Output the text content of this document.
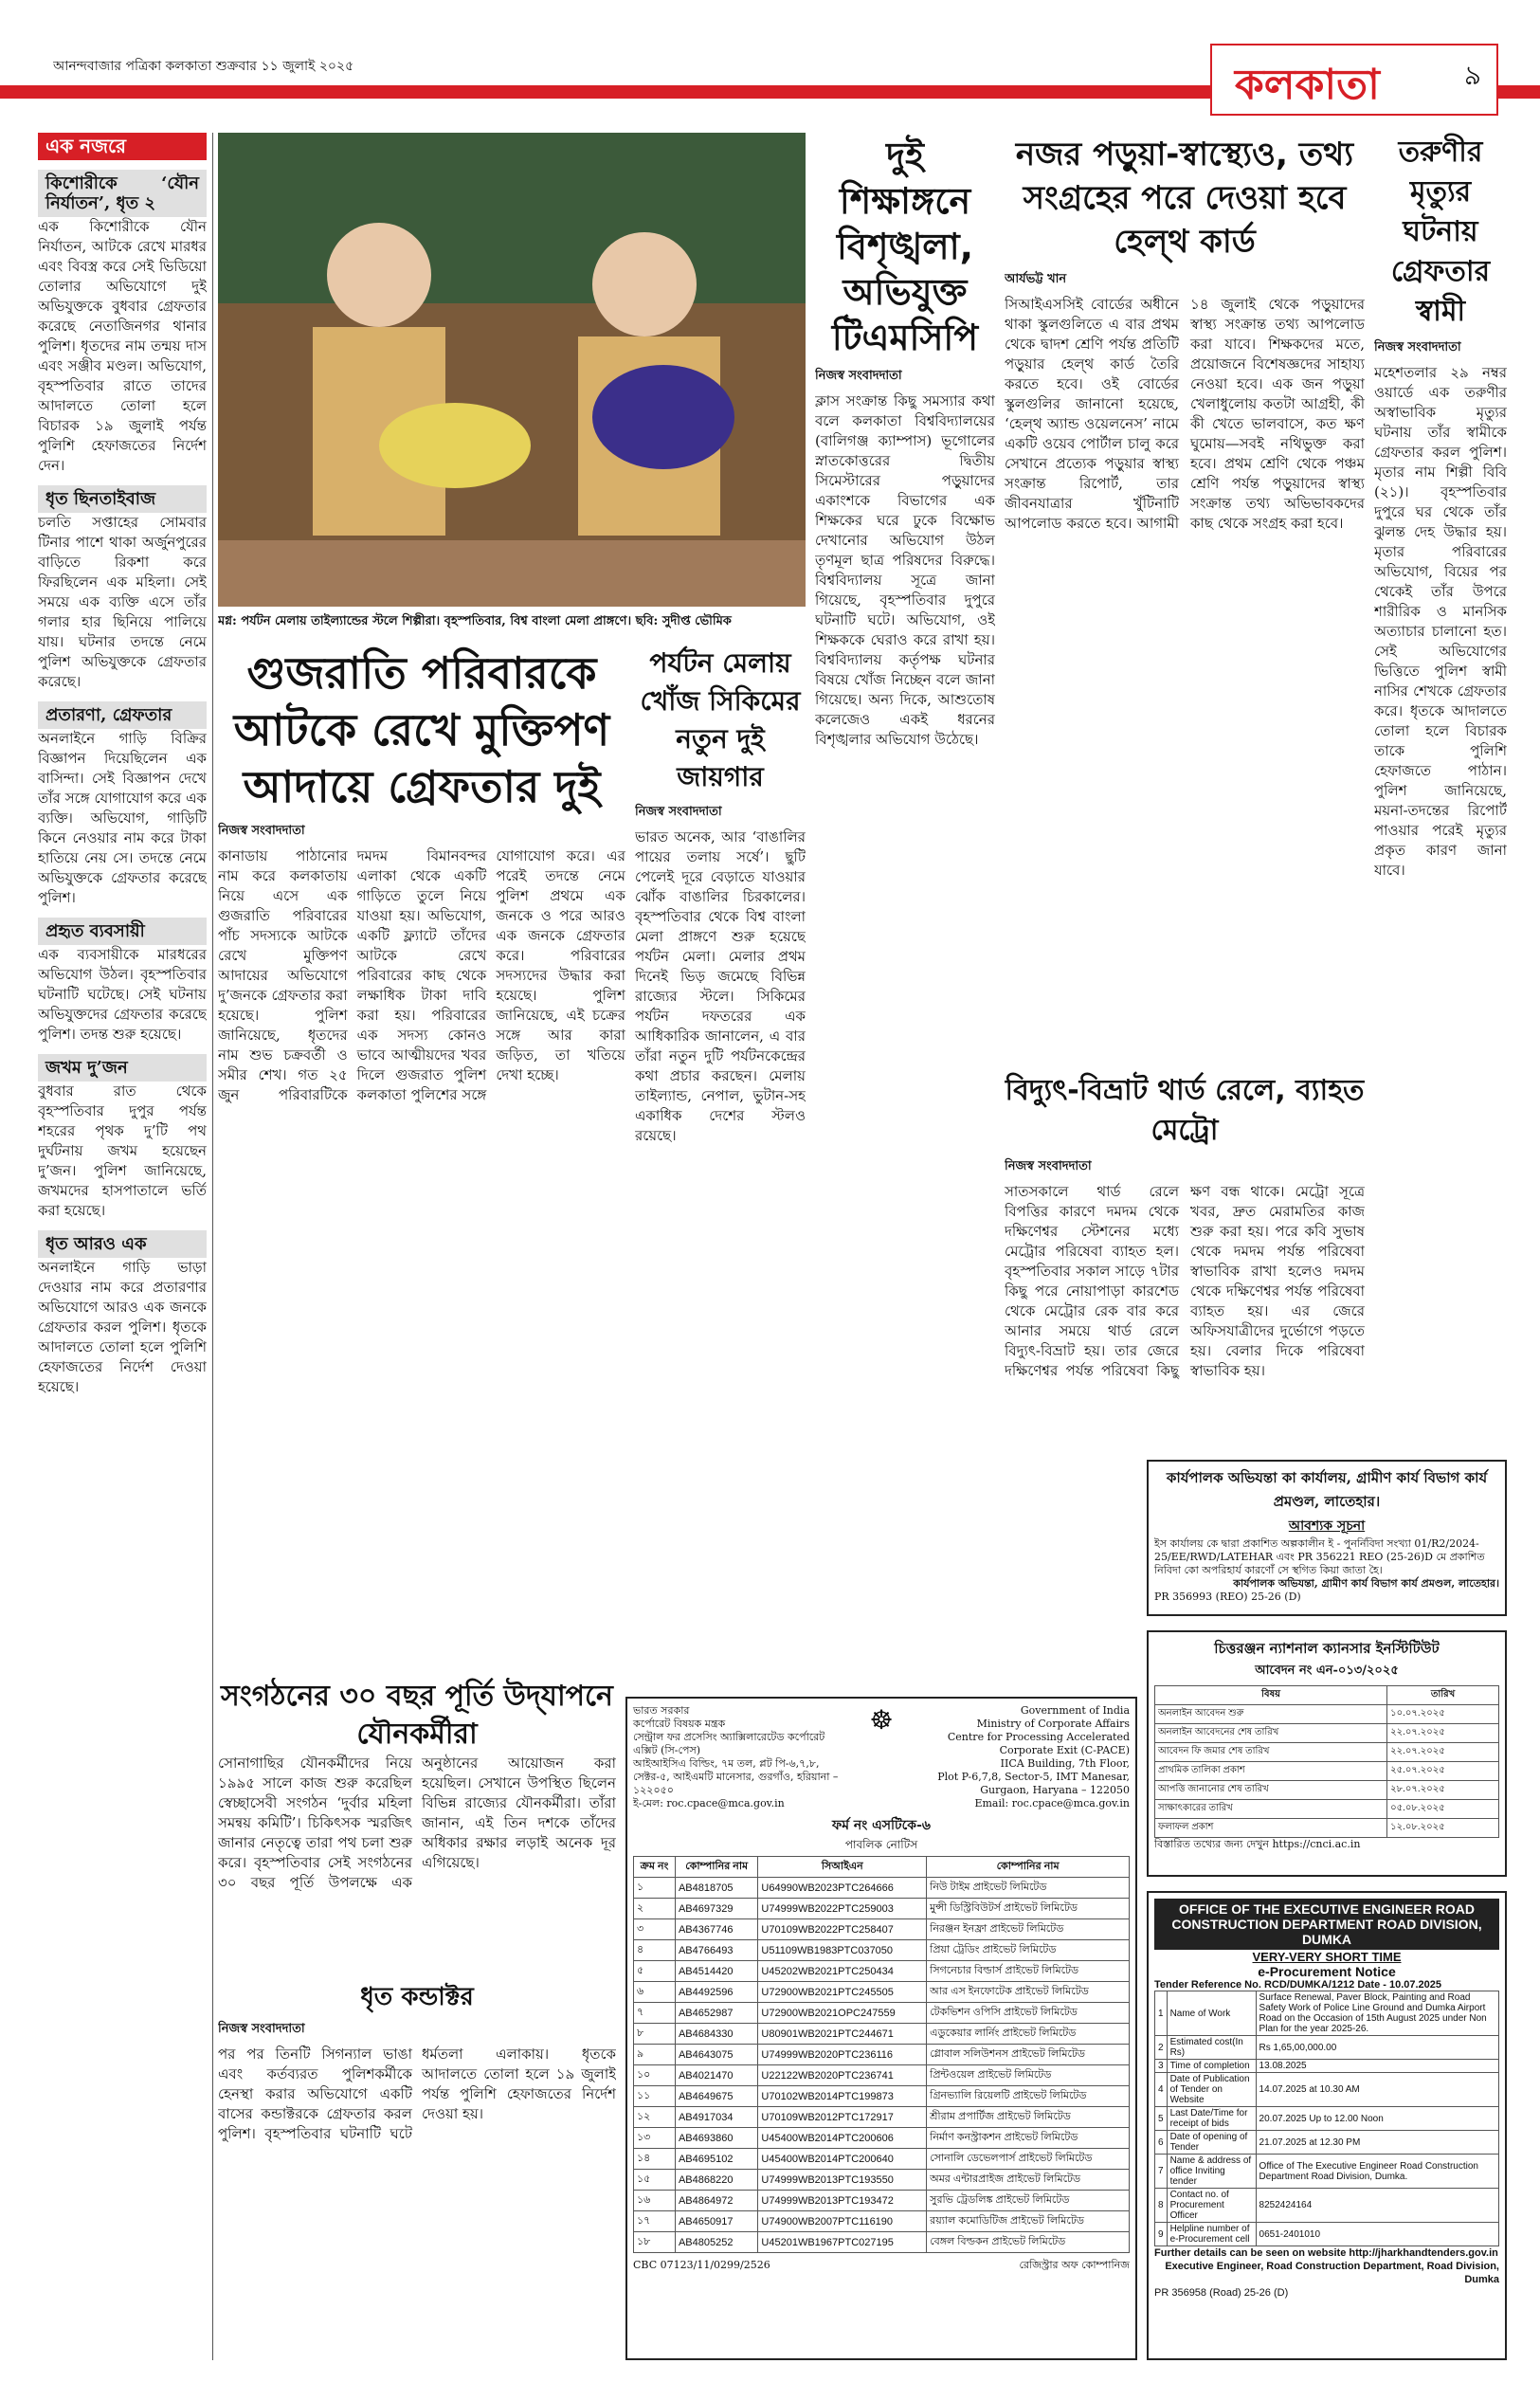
আনন্দবাজার পত্রিকা কলকাতা শুক্রবার ১১ জুলাই ২০২৫	কলকাতা	৯
এক নজরে
কিশোরীকে ‘যৌন নির্যাতন’, ধৃত ২

এক কিশোরীকে যৌন নির্যাতন, আটকে রেখে মারধর এবং বিবস্ত্র করে সেই ভিডিয়ো তোলার অভিযোগে দুই অভিযুক্তকে বুধবার গ্রেফতার করেছে নেতাজিনগর থানার পুলিশ। ধৃতদের নাম তন্ময় দাস এবং সঞ্জীব মণ্ডল। অভিযোগ, বৃহস্পতিবার রাতে তাদের আদালতে তোলা হলে বিচারক ১৯ জুলাই পর্যন্ত পুলিশি হেফাজতের নির্দেশ দেন।

ধৃত ছিনতাইবাজ

চলতি সপ্তাহের সোমবার টিনার পাশে থাকা অর্জুনপুরের বাড়িতে রিকশা করে ফিরছিলেন এক মহিলা। সেই সময়ে এক ব্যক্তি এসে তাঁর গলার হার ছিনিয়ে পালিয়ে যায়। ঘটনার তদন্তে নেমে পুলিশ অভিযুক্তকে গ্রেফতার করেছে।

প্রতারণা, গ্রেফতার

অনলাইনে গাড়ি বিক্রির বিজ্ঞাপন দিয়েছিলেন এক বাসিন্দা। সেই বিজ্ঞাপন দেখে তাঁর সঙ্গে যোগাযোগ করে এক ব্যক্তি। অভিযোগ, গাড়িটি কিনে নেওয়ার নাম করে টাকা হাতিয়ে নেয় সে। তদন্তে নেমে অভিযুক্তকে গ্রেফতার করেছে পুলিশ।

প্রহৃত ব্যবসায়ী

এক ব্যবসায়ীকে মারধরের অভিযোগ উঠল। বৃহস্পতিবার ঘটনাটি ঘটেছে। সেই ঘটনায় অভিযুক্তদের গ্রেফতার করেছে পুলিশ। তদন্ত শুরু হয়েছে।

জখম দু’জন

বুধবার রাত থেকে বৃহস্পতিবার দুপুর পর্যন্ত শহরের পৃথক দু’টি পথ দুর্ঘটনায় জখম হয়েছেন দু’জন। পুলিশ জানিয়েছে, জখমদের হাসপাতালে ভর্তি করা হয়েছে।

ধৃত আরও এক

অনলাইনে গাড়ি ভাড়া দেওয়ার নাম করে প্রতারণার অভিযোগে আরও এক জনকে গ্রেফতার করল পুলিশ। ধৃতকে আদালতে তোলা হলে পুলিশি হেফাজতের নির্দেশ দেওয়া হয়েছে।

মগ্ন: পর্যটন মেলায় তাইল্যান্ডের স্টলে শিল্পীরা। বৃহস্পতিবার, বিশ্ব বাংলা মেলা প্রাঙ্গণে। ছবি: সুদীপ্ত ভৌমিক
দুই শিক্ষাঙ্গনে বিশৃঙ্খলা, অভিযুক্ত টিএমসিপি
নিজস্ব সংবাদদাতা

ক্লাস সংক্রান্ত কিছু সমস্যার কথা বলে কলকাতা বিশ্ববিদ্যালয়ের (বালিগঞ্জ ক্যাম্পাস) ভূগোলের স্নাতকোত্তরের দ্বিতীয় সিমেস্টারের পড়ুয়াদের একাংশকে বিভাগের এক শিক্ষকের ঘরে ঢুকে বিক্ষোভ দেখানোর অভিযোগ উঠল তৃণমূল ছাত্র পরিষদের বিরুদ্ধে। বিশ্ববিদ্যালয় সূত্রে জানা গিয়েছে, বৃহস্পতিবার দুপুরে ঘটনাটি ঘটে। অভিযোগ, ওই শিক্ষককে ঘেরাও করে রাখা হয়। বিশ্ববিদ্যালয় কর্তৃপক্ষ ঘটনার বিষয়ে খোঁজ নিচ্ছেন বলে জানা গিয়েছে। অন্য দিকে, আশুতোষ কলেজেও একই ধরনের বিশৃঙ্খলার অভিযোগ উঠেছে।

নজর পড়ুয়া-স্বাস্থ্যেও, তথ্য সংগ্রহের পরে দেওয়া হবে হেল্থ কার্ড
আর্যভট্ট খান

সিআইএসসিই বোর্ডের অধীনে থাকা স্কুলগুলিতে এ বার প্রথম থেকে দ্বাদশ শ্রেণি পর্যন্ত প্রতিটি পড়ুয়ার হেল্থ কার্ড তৈরি করতে হবে। ওই বোর্ডের স্কুলগুলির জানানো হয়েছে, ‘হেল্থ অ্যান্ড ওয়েলনেস’ নামে একটি ওয়েব পোর্টাল চালু করে সেখানে প্রত্যেক পড়ুয়ার স্বাস্থ্য সংক্রান্ত রিপোর্ট, তার জীবনযাত্রার খুঁটিনাটি আপলোড করতে হবে। আগামী ১৪ জুলাই থেকে পড়ুয়াদের স্বাস্থ্য সংক্রান্ত তথ্য আপলোড করা যাবে। শিক্ষকদের মতে, প্রয়োজনে বিশেষজ্ঞদের সাহায্য নেওয়া হবে। এক জন পড়ুয়া খেলাধুলোয় কতটা আগ্রহী, কী কী খেতে ভালবাসে, কত ক্ষণ ঘুমোয়—সবই নথিভুক্ত করা হবে। প্রথম শ্রেণি থেকে পঞ্চম শ্রেণি পর্যন্ত পড়ুয়াদের স্বাস্থ্য সংক্রান্ত তথ্য অভিভাবকদের কাছ থেকে সংগ্রহ করা হবে।

তরুণীর মৃত্যুর ঘটনায় গ্রেফতার স্বামী
নিজস্ব সংবাদদাতা

মহেশতলার ২৯ নম্বর ওয়ার্ডে এক তরুণীর অস্বাভাবিক মৃত্যুর ঘটনায় তাঁর স্বামীকে গ্রেফতার করল পুলিশ। মৃতার নাম শিল্পী বিবি (২১)। বৃহস্পতিবার দুপুরে ঘর থেকে তাঁর ঝুলন্ত দেহ উদ্ধার হয়। মৃতার পরিবারের অভিযোগ, বিয়ের পর থেকেই তাঁর উপরে শারীরিক ও মানসিক অত্যাচার চালানো হত। সেই অভিযোগের ভিত্তিতে পুলিশ স্বামী নাসির শেখকে গ্রেফতার করে। ধৃতকে আদালতে তোলা হলে বিচারক তাকে পুলিশি হেফাজতে পাঠান। পুলিশ জানিয়েছে, ময়না-তদন্তের রিপোর্ট পাওয়ার পরেই মৃত্যুর প্রকৃত কারণ জানা যাবে।

গুজরাতি পরিবারকে আটকে রেখে মুক্তিপণ আদায়ে গ্রেফতার দুই
নিজস্ব সংবাদদাতা

কানাডায় পাঠানোর নাম করে কলকাতায় নিয়ে এসে এক গুজরাতি পরিবারের পাঁচ সদস্যকে আটকে রেখে মুক্তিপণ আদায়ের অভিযোগে দু’জনকে গ্রেফতার করা হয়েছে। পুলিশ জানিয়েছে, ধৃতদের নাম শুভ চক্রবর্তী ও সমীর শেখ। গত ২৫ জুন পরিবারটিকে দমদম বিমানবন্দর এলাকা থেকে একটি গাড়িতে তুলে নিয়ে যাওয়া হয়। অভিযোগ, একটি ফ্ল্যাটে তাঁদের আটকে রেখে পরিবারের কাছ থেকে লক্ষাধিক টাকা দাবি করা হয়। পরিবারের এক সদস্য কোনও ভাবে আত্মীয়দের খবর দিলে গুজরাত পুলিশ কলকাতা পুলিশের সঙ্গে যোগাযোগ করে। এর পরেই তদন্তে নেমে পুলিশ প্রথমে এক জনকে ও পরে আরও এক জনকে গ্রেফতার করে। পরিবারের সদস্যদের উদ্ধার করা হয়েছে। পুলিশ জানিয়েছে, এই চক্রের সঙ্গে আর কারা জড়িত, তা খতিয়ে দেখা হচ্ছে।

পর্যটন মেলায় খোঁজ সিকিমের নতুন দুই জায়গার
নিজস্ব সংবাদদাতা

ভারত অনেক, আর ‘বাঙালির পায়ের তলায় সর্ষে’। ছুটি পেলেই দূরে বেড়াতে যাওয়ার ঝোঁক বাঙালির চিরকালের। বৃহস্পতিবার থেকে বিশ্ব বাংলা মেলা প্রাঙ্গণে শুরু হয়েছে পর্যটন মেলা। মেলার প্রথম দিনেই ভিড় জমেছে বিভিন্ন রাজ্যের স্টলে। সিকিমের পর্যটন দফতরের এক আধিকারিক জানালেন, এ বার তাঁরা নতুন দুটি পর্যটনকেন্দ্রের কথা প্রচার করছেন। মেলায় তাইল্যান্ড, নেপাল, ভুটান-সহ একাধিক দেশের স্টলও রয়েছে।

বিদ্যুৎ-বিভ্রাট থার্ড রেলে, ব্যাহত মেট্রো
নিজস্ব সংবাদদাতা

সাতসকালে থার্ড রেলে বিপত্তির কারণে দমদম থেকে দক্ষিণেশ্বর স্টেশনের মধ্যে মেট্রোর পরিষেবা ব্যাহত হল। বৃহস্পতিবার সকাল সাড়ে ৭টার কিছু পরে নোয়াপাড়া কারশেড থেকে মেট্রোর রেক বার করে আনার সময়ে থার্ড রেলে বিদ্যুৎ-বিভ্রাট হয়। তার জেরে দক্ষিণেশ্বর পর্যন্ত পরিষেবা কিছু ক্ষণ বন্ধ থাকে। মেট্রো সূত্রে খবর, দ্রুত মেরামতির কাজ শুরু করা হয়। পরে কবি সুভাষ থেকে দমদম পর্যন্ত পরিষেবা স্বাভাবিক রাখা হলেও দমদম থেকে দক্ষিণেশ্বর পর্যন্ত পরিষেবা ব্যাহত হয়। এর জেরে অফিসযাত্রীদের দুর্ভোগে পড়তে হয়। বেলার দিকে পরিষেবা স্বাভাবিক হয়।

কার্যপালক অভিযন্তা কা কার্যালয়, গ্রামীণ কার্য বিভাগ কার্য প্রমণ্ডল, লাতেহার।
আবশ্যক সূচনা
ইস কার্যালয় কে দ্বারা প্রকাশিত অল্পকালীন ই - পুনর্নিবিদা সংখ্যা 01/R2/2024-25/EE/RWD/LATEHAR এবং PR 356221 REO (25-26)D মে প্রকাশিত নিবিদা কো অপরিহার্য কারণোঁ সে স্থগিত কিয়া জাতা হৈ।
কার্যপালক অভিযন্তা, গ্রামীণ কার্য বিভাগ কার্য প্রমণ্ডল, লাতেহার।
PR 356993 (REO) 25-26 (D)
সংগঠনের ৩০ বছর পূর্তি উদ্‌যাপনে যৌনকর্মীরা

সোনাগাছির যৌনকর্মীদের নিয়ে ১৯৯৫ সালে কাজ শুরু করেছিল স্বেচ্ছাসেবী সংগঠন ‘দুর্বার মহিলা সমন্বয় কমিটি’। চিকিৎসক স্মরজিৎ জানার নেতৃত্বে তারা পথ চলা শুরু করে। বৃহস্পতিবার সেই সংগঠনের ৩০ বছর পূর্তি উপলক্ষে এক অনুষ্ঠানের আয়োজন করা হয়েছিল। সেখানে উপস্থিত ছিলেন বিভিন্ন রাজ্যের যৌনকর্মীরা। তাঁরা জানান, এই তিন দশকে তাঁদের অধিকার রক্ষার লড়াই অনেক দূর এগিয়েছে।

ধৃত কন্ডাক্টর
নিজস্ব সংবাদদাতা

পর পর তিনটি সিগন্যাল ভাঙা এবং কর্তব্যরত পুলিশকর্মীকে হেনস্থা করার অভিযোগে একটি বাসের কন্ডাক্টরকে গ্রেফতার করল পুলিশ। বৃহস্পতিবার ঘটনাটি ঘটে ধর্মতলা এলাকায়। ধৃতকে আদালতে তোলা হলে ১৯ জুলাই পর্যন্ত পুলিশি হেফাজতের নির্দেশ দেওয়া হয়।

ভারত সরকার
কর্পোরেট বিষয়ক মন্ত্রক
সেন্ট্রাল ফর প্রসেসিং অ্যাক্সিলারেটেড কর্পোরেট এক্সিট (সি-পেস)
আইআইসিএ বিল্ডিং, ৭ম তল, প্লট পি-৬,৭,৮, সেক্টর-৫, আইএমটি মানেসার, গুরগাঁও, হরিয়ানা – ১২২০৫০
ই-মেল: roc.cpace@mca.gov.in
☸	Government of India
Ministry of Corporate Affairs
Centre for Processing Accelerated
Corporate Exit (C-PACE)
IICA Building, 7th Floor,
Plot P-6,7,8, Sector-5, IMT Manesar,
Gurgaon, Haryana – 122050
Email: roc.cpace@mca.gov.in
ফর্ম নং এসটিকে-৬
পাবলিক নোটিস
ক্রম নং	কোম্পানির নাম	সিআইএন	কোম্পানির নাম
১	AB4818705	U64990WB2023PTC264666	নিউ টাইম প্রাইভেট লিমিটেড
২	AB4697329	U74999WB2022PTC259003	মুন্সী ডিস্ট্রিবিউটর্স প্রাইভেট লিমিটেড
৩	AB4367746	U70109WB2022PTC258407	নিরঞ্জন ইনফ্রা প্রাইভেট লিমিটেড
৪	AB4766493	U51109WB1983PTC037050	প্রিয়া ট্রেডিং প্রাইভেট লিমিটেড
৫	AB4514420	U45202WB2021PTC250434	সিগনেচার বিল্ডার্স প্রাইভেট লিমিটেড
৬	AB4492596	U72900WB2021PTC245505	আর এস ইনফোটেক প্রাইভেট লিমিটেড
৭	AB4652987	U72900WB2021OPC247559	টেকভিশন ওপিসি প্রাইভেট লিমিটেড
৮	AB4684330	U80901WB2021PTC244671	এডুকেয়ার লার্নিং প্রাইভেট লিমিটেড
৯	AB4643075	U74999WB2020PTC236116	গ্লোবাল সলিউশনস প্রাইভেট লিমিটেড
১০	AB4021470	U22122WB2020PTC236741	প্রিন্টওয়েল প্রাইভেট লিমিটেড
১১	AB4649675	U70102WB2014PTC199873	গ্রিনভ্যালি রিয়েলটি প্রাইভেট লিমিটেড
১২	AB4917034	U70109WB2012PTC172917	শ্রীরাম প্রপার্টিজ প্রাইভেট লিমিটেড
১৩	AB4693860	U45400WB2014PTC200606	নির্মাণ কনস্ট্রাকশন প্রাইভেট লিমিটেড
১৪	AB4695102	U45400WB2014PTC200640	সোনালি ডেভেলপার্স প্রাইভেট লিমিটেড
১৫	AB4868220	U74999WB2013PTC193550	অমর এন্টারপ্রাইজ প্রাইভেট লিমিটেড
১৬	AB4864972	U74999WB2013PTC193472	সুরভি ট্রেডলিঙ্ক প্রাইভেট লিমিটেড
১৭	AB4650917	U74900WB2007PTC116190	রয়্যাল কমোডিটিজ প্রাইভেট লিমিটেড
১৮	AB4805252	U45201WB1967PTC027195	বেঙ্গল বিল্ডকন প্রাইভেট লিমিটেড
CBC 07123/11/0299/2526	রেজিস্ট্রার অফ কোম্পানিজ
চিত্তরঞ্জন ন্যাশনাল ক্যানসার ইনস্টিটিউট
আবেদন নং এন-০১৩/২০২৫
বিষয়	তারিখ
অনলাইন আবেদন শুরু	১০.০৭.২০২৫
অনলাইন আবেদনের শেষ তারিখ	২২.০৭.২০২৫
আবেদন ফি জমার শেষ তারিখ	২২.০৭.২০২৫
প্রাথমিক তালিকা প্রকাশ	২৫.০৭.২০২৫
আপত্তি জানানোর শেষ তারিখ	২৮.০৭.২০২৫
সাক্ষাৎকারের তারিখ	০৫.০৮.২০২৫
ফলাফল প্রকাশ	১২.০৮.২০২৫
বিস্তারিত তথ্যের জন্য দেখুন https://cnci.ac.in
OFFICE OF THE EXECUTIVE ENGINEER ROAD CONSTRUCTION DEPARTMENT ROAD DIVISION, DUMKA
VERY-VERY SHORT TIME
e-Procurement Notice
Tender Reference No. RCD/DUMKA/1212 Date - 10.07.2025
1	Name of Work	Surface Renewal, Paver Block, Painting and Road Safety Work of Police Line Ground and Dumka Airport Road on the Occasion of 15th August 2025 under Non Plan for the year 2025-26.
2	Estimated cost(In Rs)	Rs 1,65,00,000.00
3	Time of completion	13.08.2025
4	Date of Publication of Tender on Website	14.07.2025 at 10.30 AM
5	Last Date/Time for receipt of bids	20.07.2025 Up to 12.00 Noon
6	Date of opening of Tender	21.07.2025 at 12.30 PM
7	Name & address of office Inviting tender	Office of The Executive Engineer Road Construction Department Road Division, Dumka.
8	Contact no. of Procurement Officer	8252424164
9	Helpline number of e-Procurement cell	0651-2401010
Further details can be seen on website http://jharkhandtenders.gov.in
Executive Engineer, Road Construction Department, Road Division, Dumka
PR 356958 (Road) 25-26 (D)
